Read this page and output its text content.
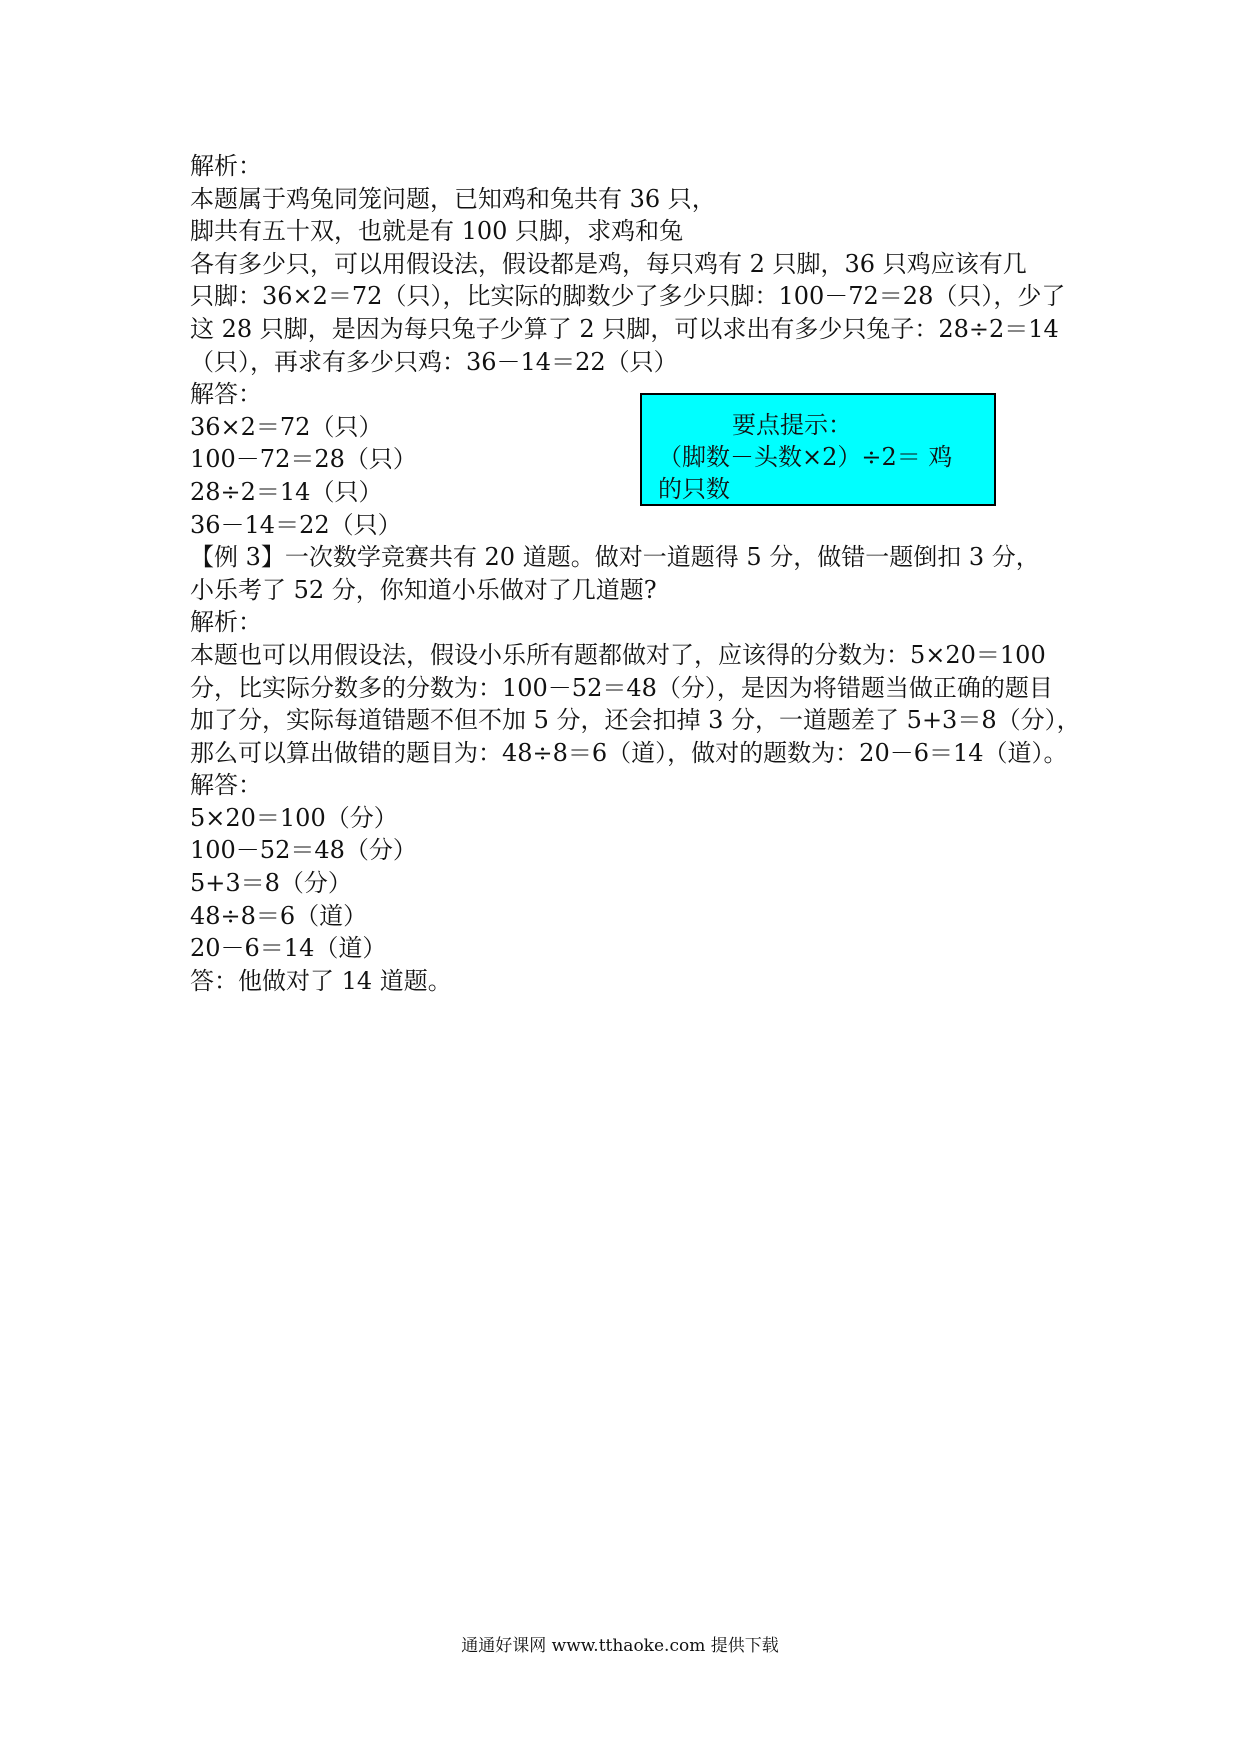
解析：
本题属于鸡兔同笼问题，已知鸡和兔共有 36 只，
脚共有五十双，也就是有 100 只脚，求鸡和兔
各有多少只，可以用假设法，假设都是鸡，每只鸡有 2 只脚，36 只鸡应该有几
只脚：36×2＝72（只），比实际的脚数少了多少只脚：100－72＝28（只），少了
这 28 只脚，是因为每只兔子少算了 2 只脚，可以求出有多少只兔子：28÷2＝14
（只），再求有多少只鸡：36－14＝22（只）
解答：
36×2＝72（只）
100－72＝28（只）
28÷2＝14（只）
36－14＝22（只）
【例 3】一次数学竞赛共有 20 道题。做对一道题得 5 分，做错一题倒扣 3 分，
小乐考了 52 分，你知道小乐做对了几道题?
解析：
本题也可以用假设法，假设小乐所有题都做对了，应该得的分数为：5×20＝100
分，比实际分数多的分数为：100－52＝48（分），是因为将错题当做正确的题目
加了分，实际每道错题不但不加 5 分，还会扣掉 3 分，一道题差了 5+3＝8（分），
那么可以算出做错的题目为：48÷8＝6（道），做对的题数为：20－6＝14（道）。
解答：
5×20＝100（分）
100－52＝48（分）
5+3＝8（分）
48÷8＝6（道）
20－6＝14（道）
答：他做对了 14 道题。
要点提示：
（脚数－头数×2）÷2＝ 鸡
的只数
通通好课网 www.tthaoke.com 提供下载
